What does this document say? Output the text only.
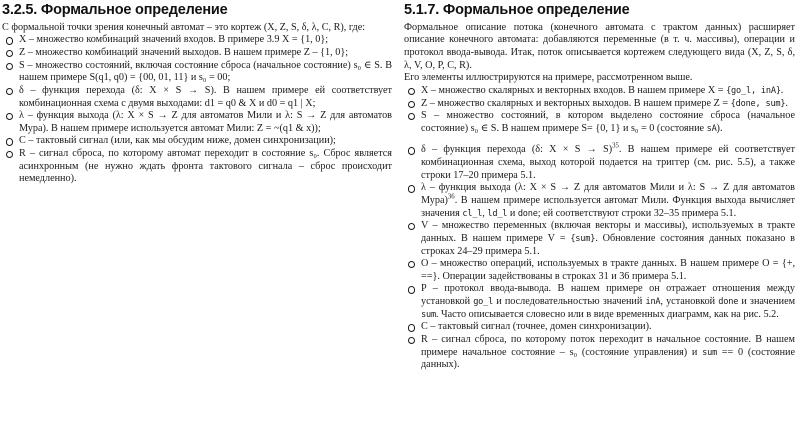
3.2.5. Формальное определение

С формальной точки зрения конечный автомат – это кортеж (X, Z, S, δ, λ, C, R), где:

X – множество комбинаций значений входов. В примере 3.9 X = {1, 0};
Z – множество комбинаций значений выходов. В нашем примере Z – {1, 0};
S – множество состояний, включая состояние сброса (начальное состояние) s₀ ∈ S. В нашем примере S(q1, q0) = {00, 01, 11} и s₀ = 00;
δ – функция перехода (δ: X × S → S). В нашем примере ей соответствует комбинационная схема с двумя выходами: d1 = q0 & X и d0 = q1 | X;
λ – функция выхода (λ: X × S → Z для автоматов Мили и λ: S → Z для автоматов Мура). В нашем примере используется автомат Мили: Z = ~(q1 & x));
C – тактовый сигнал (или, как мы обсудим ниже, домен синхронизации);
R – сигнал сброса, по которому автомат переходит в состояние s₀. Сброс является асинхронным (не нужно ждать фронта тактового сигнала – сброс происходит немедленно).
5.1.7. Формальное определение

Формальное описание потока (конечного автомата с трактом данных) расширяет описание конечного автомата: добавляются переменные (в т. ч. массивы), операции и протокол ввода-вывода. Итак, поток описывается кортежем следующего вида (X, Z, S, δ, λ, V, O, P, C, R).

Его элементы иллюстрируются на примере, рассмотренном выше.

X – множество скалярных и векторных входов. В нашем примере X = {go_l, inA}.
Z – множество скалярных и векторных выходов. В нашем примере Z = {done, sum}.
S – множество состояний, в котором выделено состояние сброса (начальное состояние) s₀ ∈ S. В нашем примере S= {0, 1} и s₀ = 0 (состояние sA).
δ – функция перехода (δ: X × S → S)$^{35}$. В нашем примере ей соответствует комбинационная схема, выход которой подается на триггер (см. рис. 5.5), а также строки 17–20 примера 5.1.
λ – функция выхода (λ: X × S → Z для автоматов Мили и λ: S → Z для автоматов Мура)$^{36}$. В нашем примере используется автомат Мили. Функция выхода вычисляет значения cl_l, ld_l и done; ей соответствуют строки 32–35 примера 5.1.
V – множество переменных (включая векторы и массивы), используемых в тракте данных. В нашем примере V = {sum}. Обновление состояния данных показано в строках 24–29 примера 5.1.
O – множество операций, используемых в тракте данных. В нашем примере O = {+, ==}. Операции задействованы в строках 31 и 36 примера 5.1.
P – протокол ввода-вывода. В нашем примере он отражает отношения между установкой go_l и последовательностью значений inA, установкой done и значением sum. Часто описывается словесно или в виде временных диаграмм, как на рис. 5.2.
C – тактовый сигнал (точнее, домен синхронизации).
R – сигнал сброса, по которому поток переходит в начальное состояние. В нашем примере начальное состояние – s₀ (состояние управления) и sum == 0 (состояние данных).
